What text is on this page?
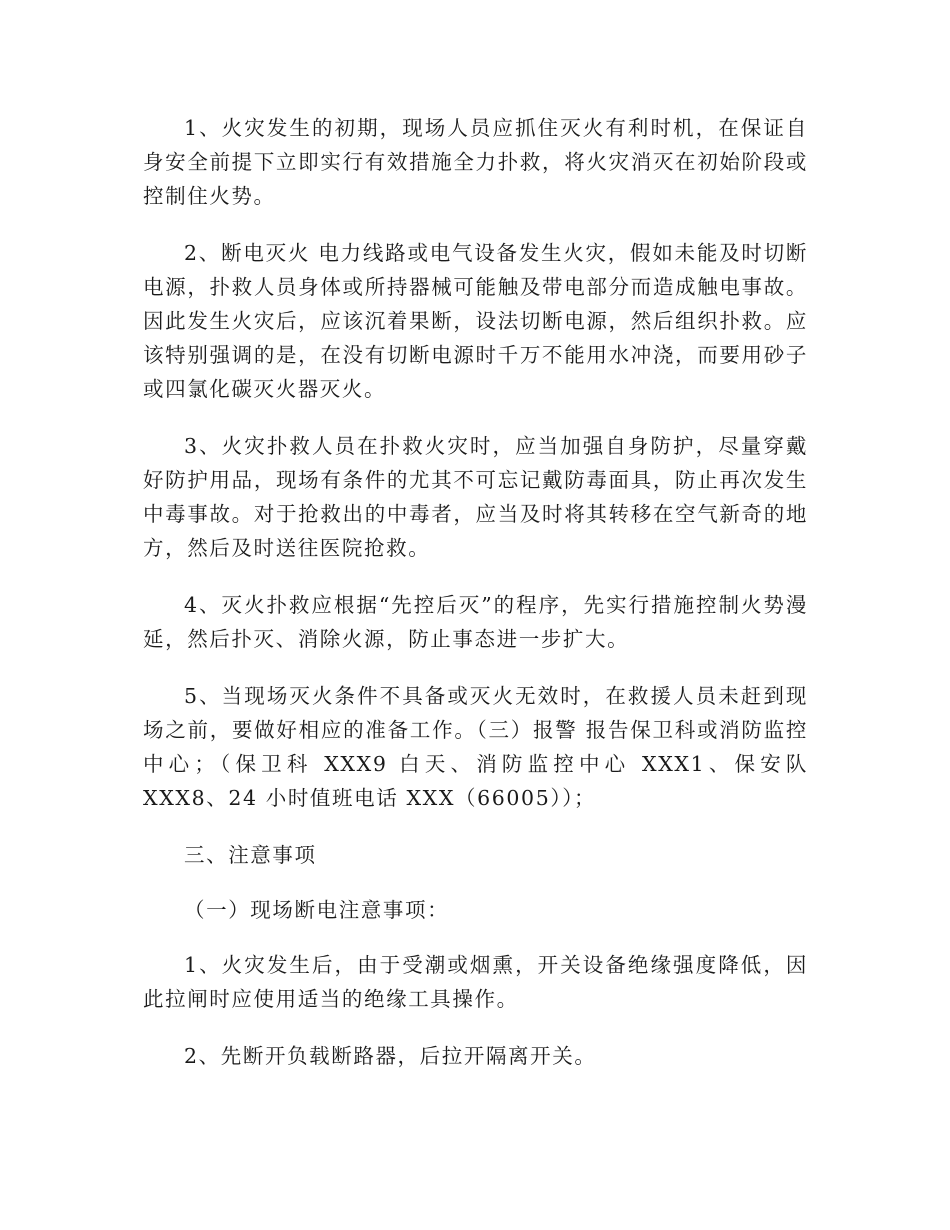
1、火灾发生的初期，现场人员应抓住灭火有利时机，在保证自身安全前提下立即实行有效措施全力扑救，将火灾消灭在初始阶段或控制住火势。

2、断电灭火 电力线路或电气设备发生火灾，假如未能及时切断电源，扑救人员身体或所持器械可能触及带电部分而造成触电事故。因此发生火灾后，应该沉着果断，设法切断电源，然后组织扑救。应该特别强调的是，在没有切断电源时千万不能用水冲浇，而要用砂子或四氯化碳灭火器灭火。

3、火灾扑救人员在扑救火灾时，应当加强自身防护，尽量穿戴好防护用品，现场有条件的尤其不可忘记戴防毒面具，防止再次发生中毒事故。对于抢救出的中毒者，应当及时将其转移在空气新奇的地方，然后及时送往医院抢救。

4、灭火扑救应根据“先控后灭”的程序，先实行措施控制火势漫延，然后扑灭、消除火源，防止事态进一步扩大。

5、当现场灭火条件不具备或灭火无效时，在救援人员未赶到现场之前，要做好相应的准备工作。（三）报警 报告保卫科或消防监控中心；（保卫科 XXX9 白天、消防监控中心 XXX1、保安队 XXX8、24 小时值班电话 XXX（66005））；

三、注意事项

（一）现场断电注意事项：

1、火灾发生后，由于受潮或烟熏，开关设备绝缘强度降低，因此拉闸时应使用适当的绝缘工具操作。

2、先断开负载断路器，后拉开隔离开关。
